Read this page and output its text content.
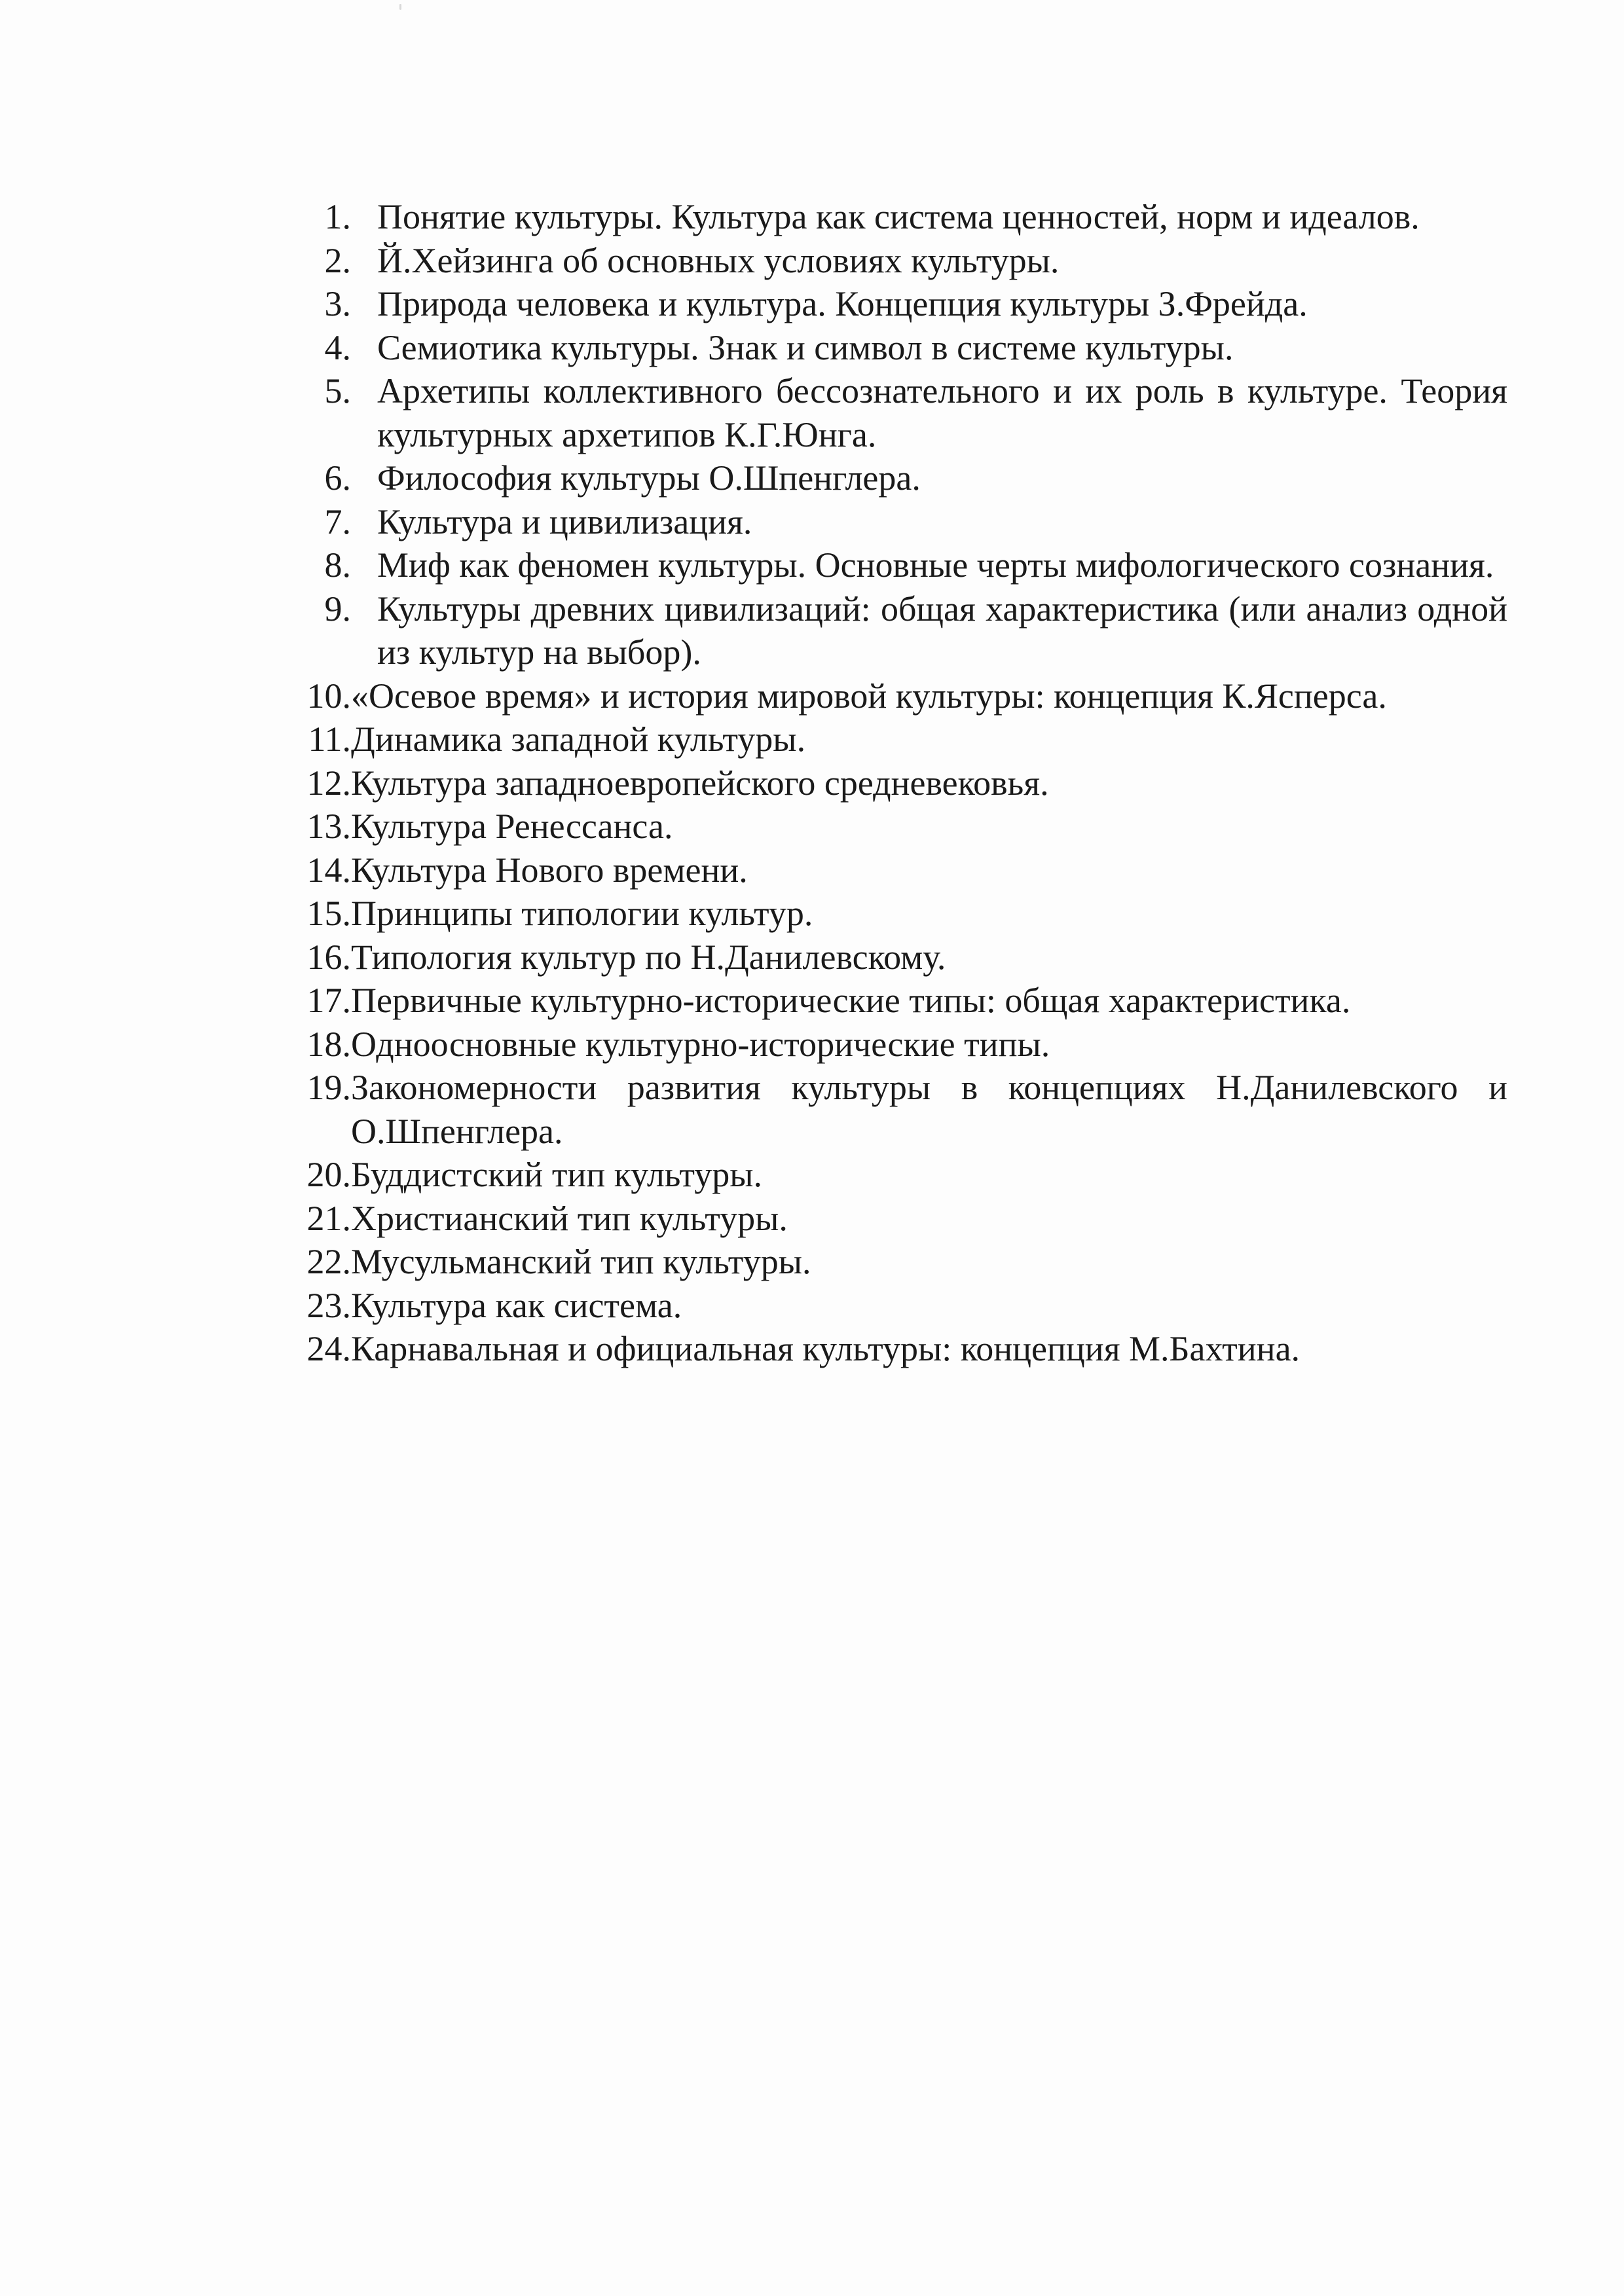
1. Понятие культуры. Культура как система ценностей, норм и идеалов.
2. Й.Хейзинга об основных условиях культуры.
3. Природа человека и культура. Концепция культуры З.Фрейда.
4. Семиотика культуры. Знак и символ в системе культуры.
5. Архетипы коллективного бессознательного и их роль в культуре. Теория культурных архетипов К.Г.Юнга.
6. Философия культуры О.Шпенглера.
7. Культура и цивилизация.
8. Миф как феномен культуры. Основные черты мифологического сознания.
9. Культуры древних цивилизаций: общая характеристика (или анализ одной из культур на выбор).
10. «Осевое время» и история мировой культуры: концепция К.Ясперса.
11. Динамика западной культуры.
12. Культура западноевропейского средневековья.
13. Культура Ренессанса.
14. Культура Нового времени.
15. Принципы типологии культур.
16. Типология культур по Н.Данилевскому.
17. Первичные культурно-исторические типы: общая характеристика.
18. Одноосновные культурно-исторические типы.
19. Закономерности развития культуры в концепциях Н.Данилевского и О.Шпенглера.
20. Буддистский тип культуры.
21. Христианский тип культуры.
22. Мусульманский тип культуры.
23. Культура как система.
24. Карнавальная и официальная культуры: концепция М.Бахтина.
